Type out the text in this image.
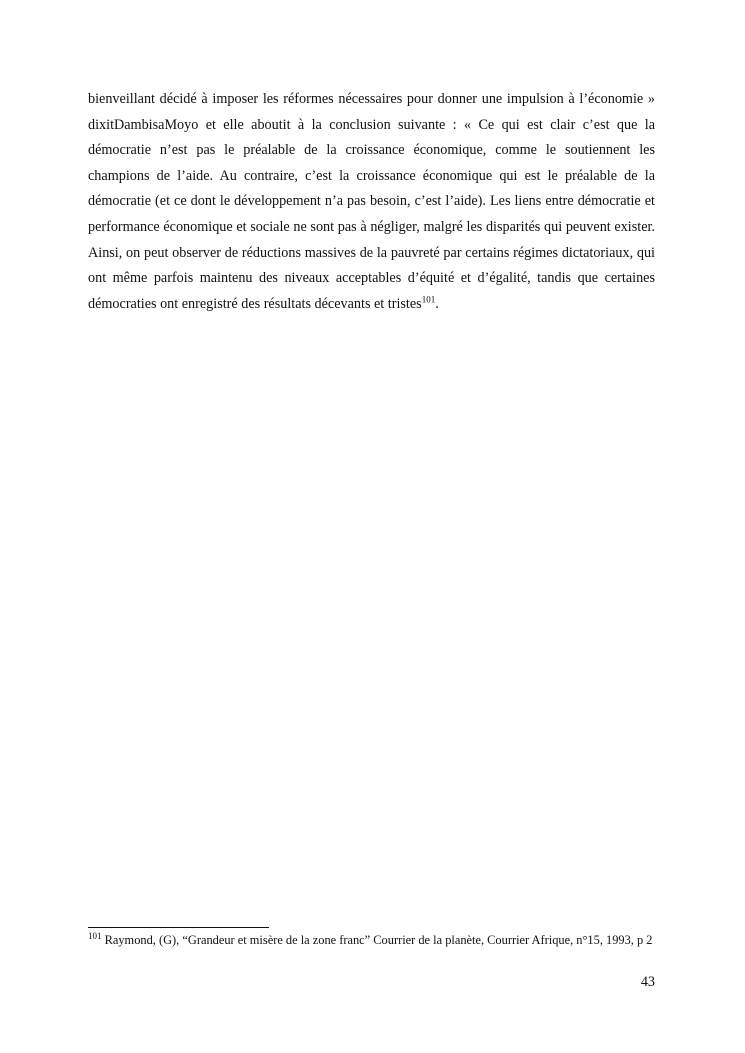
bienveillant décidé à imposer les réformes nécessaires pour donner une impulsion à l’économie » dixitDambisaMoyo et elle aboutit à la conclusion suivante : « Ce qui est clair c’est que la démocratie n’est pas le préalable de la croissance économique, comme le soutiennent les champions de l’aide. Au contraire, c’est la croissance économique qui est le préalable de la démocratie (et ce dont le développement n’a pas besoin, c’est l’aide). Les liens entre démocratie et performance économique et sociale ne sont pas à négliger, malgré les disparités qui peuvent exister. Ainsi, on peut observer de réductions massives de la pauvreté par certains régimes dictatoriaux, qui ont même parfois maintenu des niveaux acceptables d’équité et d’égalité, tandis que certaines démocraties ont enregistré des résultats décevants et tristes$^{101}$.

$^{101}$ Raymond, (G), “Grandeur et misère de la zone franc” Courrier de la planète, Courrier Afrique, n°15, 1993, p 2

43
